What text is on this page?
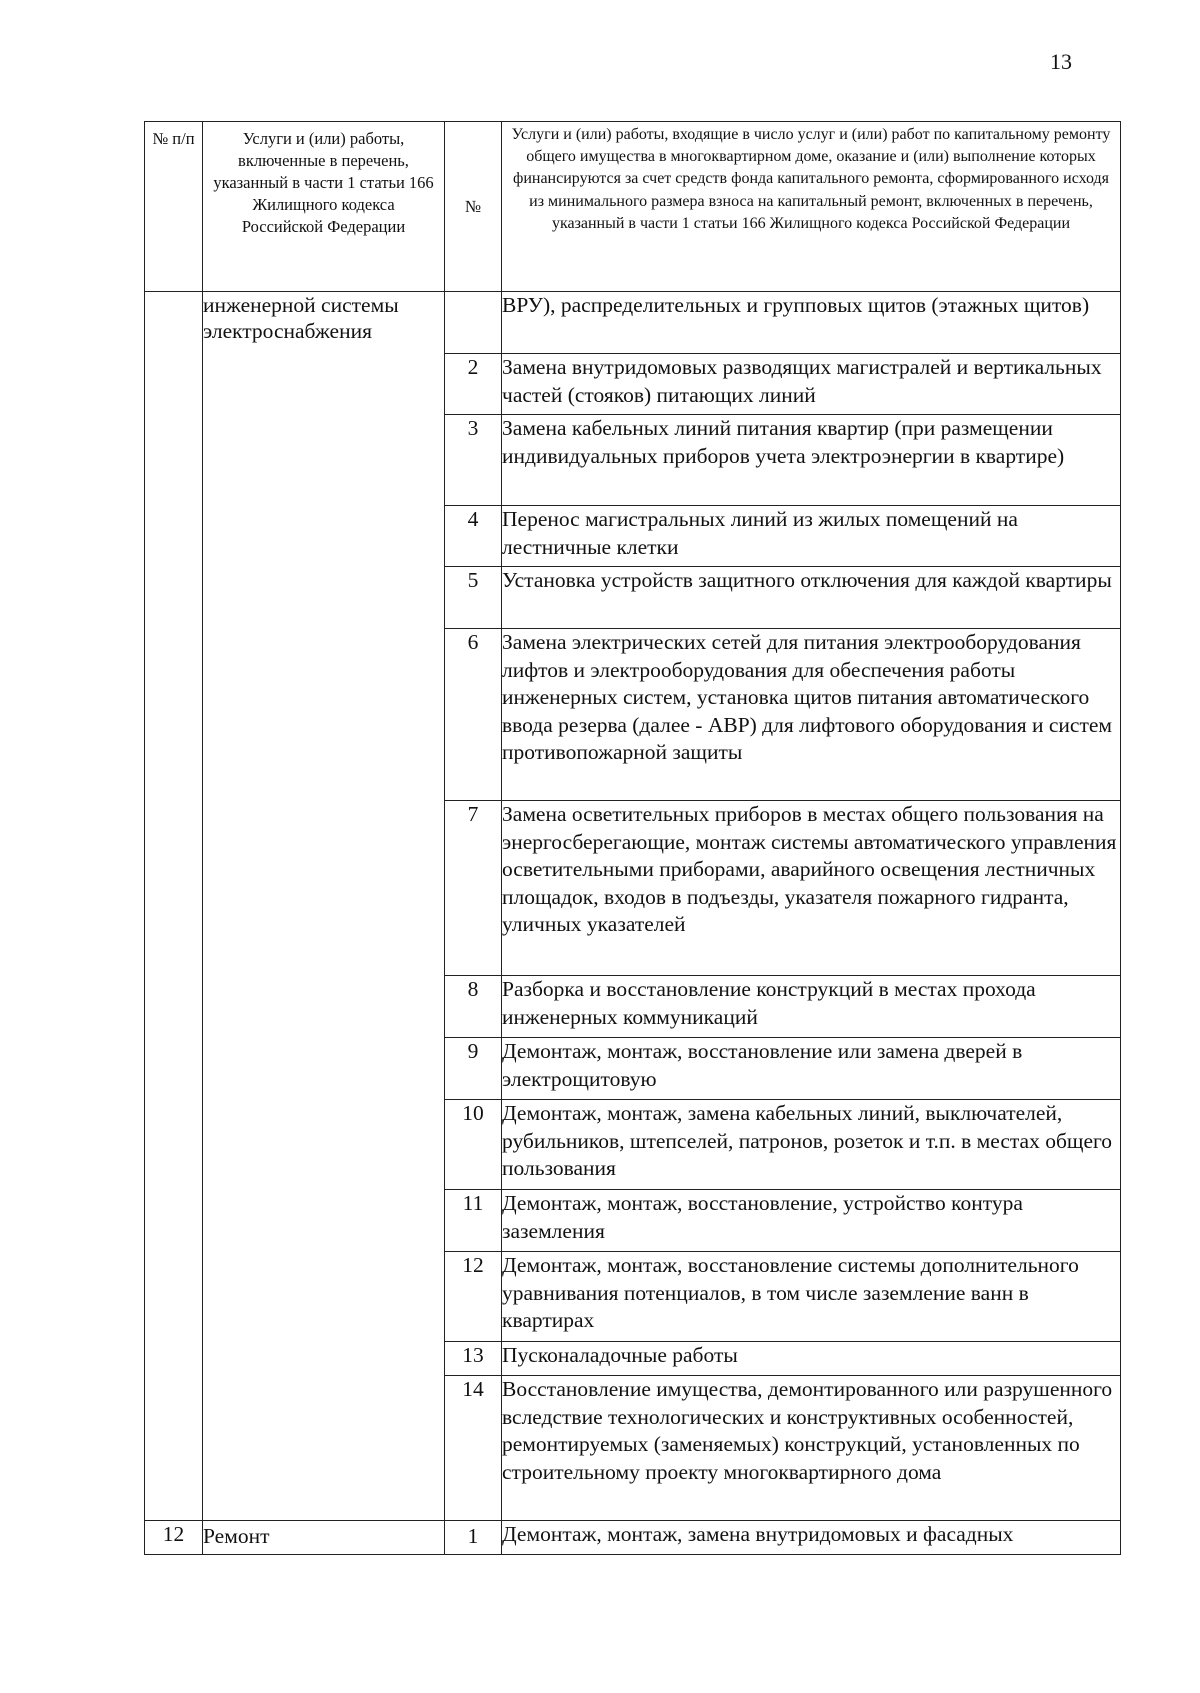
13
№ п/п	Услуги и (или) работы, включенные в перечень, указанный в части 1 статьи 166 Жилищного кодекса Российской Федерации	№	Услуги и (или) работы, входящие в число услуг и (или) работ по капитальному ремонту общего имущества в многоквартирном доме, оказание и (или) выполнение которых финансируются за счет средств фонда капитального ремонта, сформированного исходя из минимального размера взноса на капитальный ремонт, включенных в перечень, указанный в части 1 статьи 166 Жилищного кодекса Российской Федерации
	инженерной системы электроснабжения		ВРУ), распределительных и групповых щитов (этажных щитов)
		2	Замена внутридомовых разводящих магистралей и вертикальных частей (стояков) питающих линий
		3	Замена кабельных линий питания квартир (при размещении индивидуальных приборов учета электроэнергии в квартире)
		4	Перенос магистральных линий из жилых помещений на лестничные клетки
		5	Установка устройств защитного отключения для каждой квартиры
		6	Замена электрических сетей для питания электрооборудования лифтов и электрооборудования для обеспечения работы инженерных систем, установка щитов питания автоматического ввода резерва (далее - АВР) для лифтового оборудования и систем противопожарной защиты
		7	Замена осветительных приборов в местах общего пользования на энергосберегающие, монтаж системы автоматического управления осветительными приборами, аварийного освещения лестничных площадок, входов в подъезды, указателя пожарного гидранта, уличных указателей
		8	Разборка и восстановление конструкций в местах прохода инженерных коммуникаций
		9	Демонтаж, монтаж, восстановление или замена дверей в электрощитовую
		10	Демонтаж, монтаж, замена кабельных линий, выключателей, рубильников, штепселей, патронов, розеток и т.п. в местах общего пользования
		11	Демонтаж, монтаж, восстановление, устройство контура заземления
		12	Демонтаж, монтаж, восстановление системы дополнительного уравнивания потенциалов, в том числе заземление ванн в квартирах
		13	Пусконаладочные работы
		14	Восстановление имущества, демонтированного или разрушенного вследствие технологических и конструктивных особенностей, ремонтируемых (заменяемых) конструкций, установленных по строительному проекту многоквартирного дома
12	Ремонт	1	Демонтаж, монтаж, замена внутридомовых и фасадных
